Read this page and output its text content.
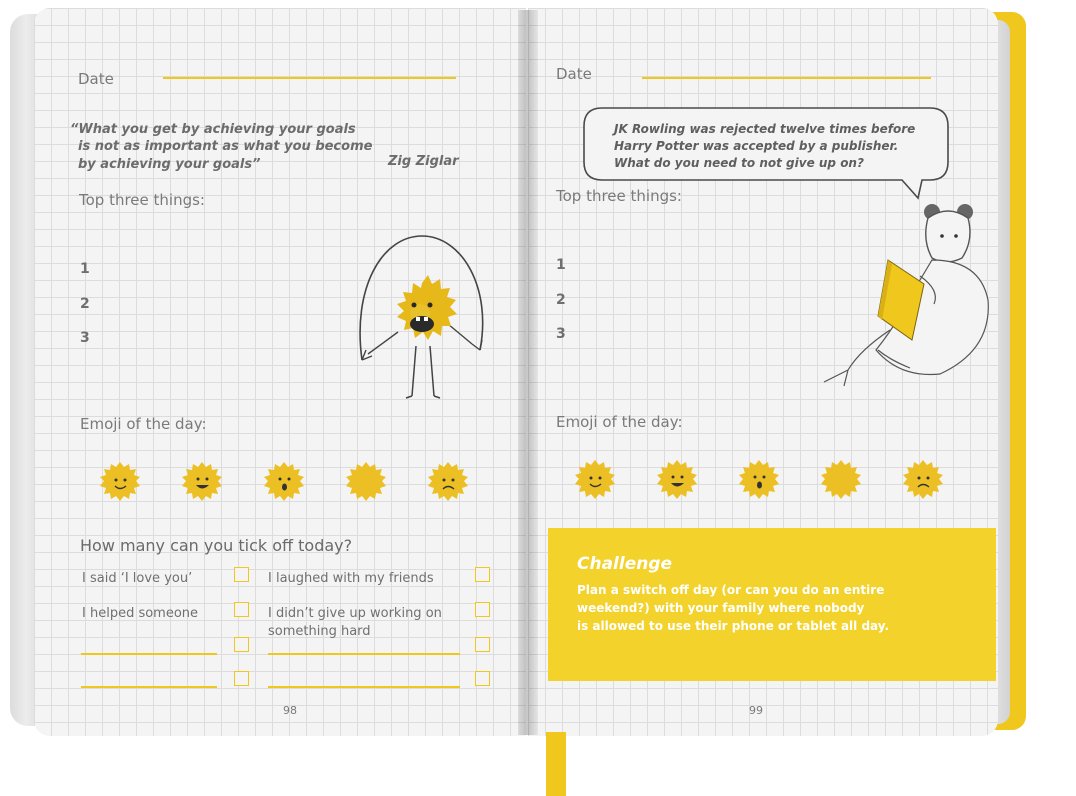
Date
“What you get by achieving your goals
is not as important as what you become
by achieving your goals”	Zig Ziglar
Top three things:
1
2
3
Emoji of the day:
How many can you tick off today?
I said ‘I love you’	I laughed with my friends
I helped someone	I didn’t give up working on
something hard
98
Date
JK Rowling was rejected twelve times before
Harry Potter was accepted by a publisher.
What do you need to not give up on?
Top three things:
1
2
3
Emoji of the day:
Challenge
Plan a switch off day (or can you do an entire
weekend?) with your family where nobody
is allowed to use their phone or tablet all day.
99
